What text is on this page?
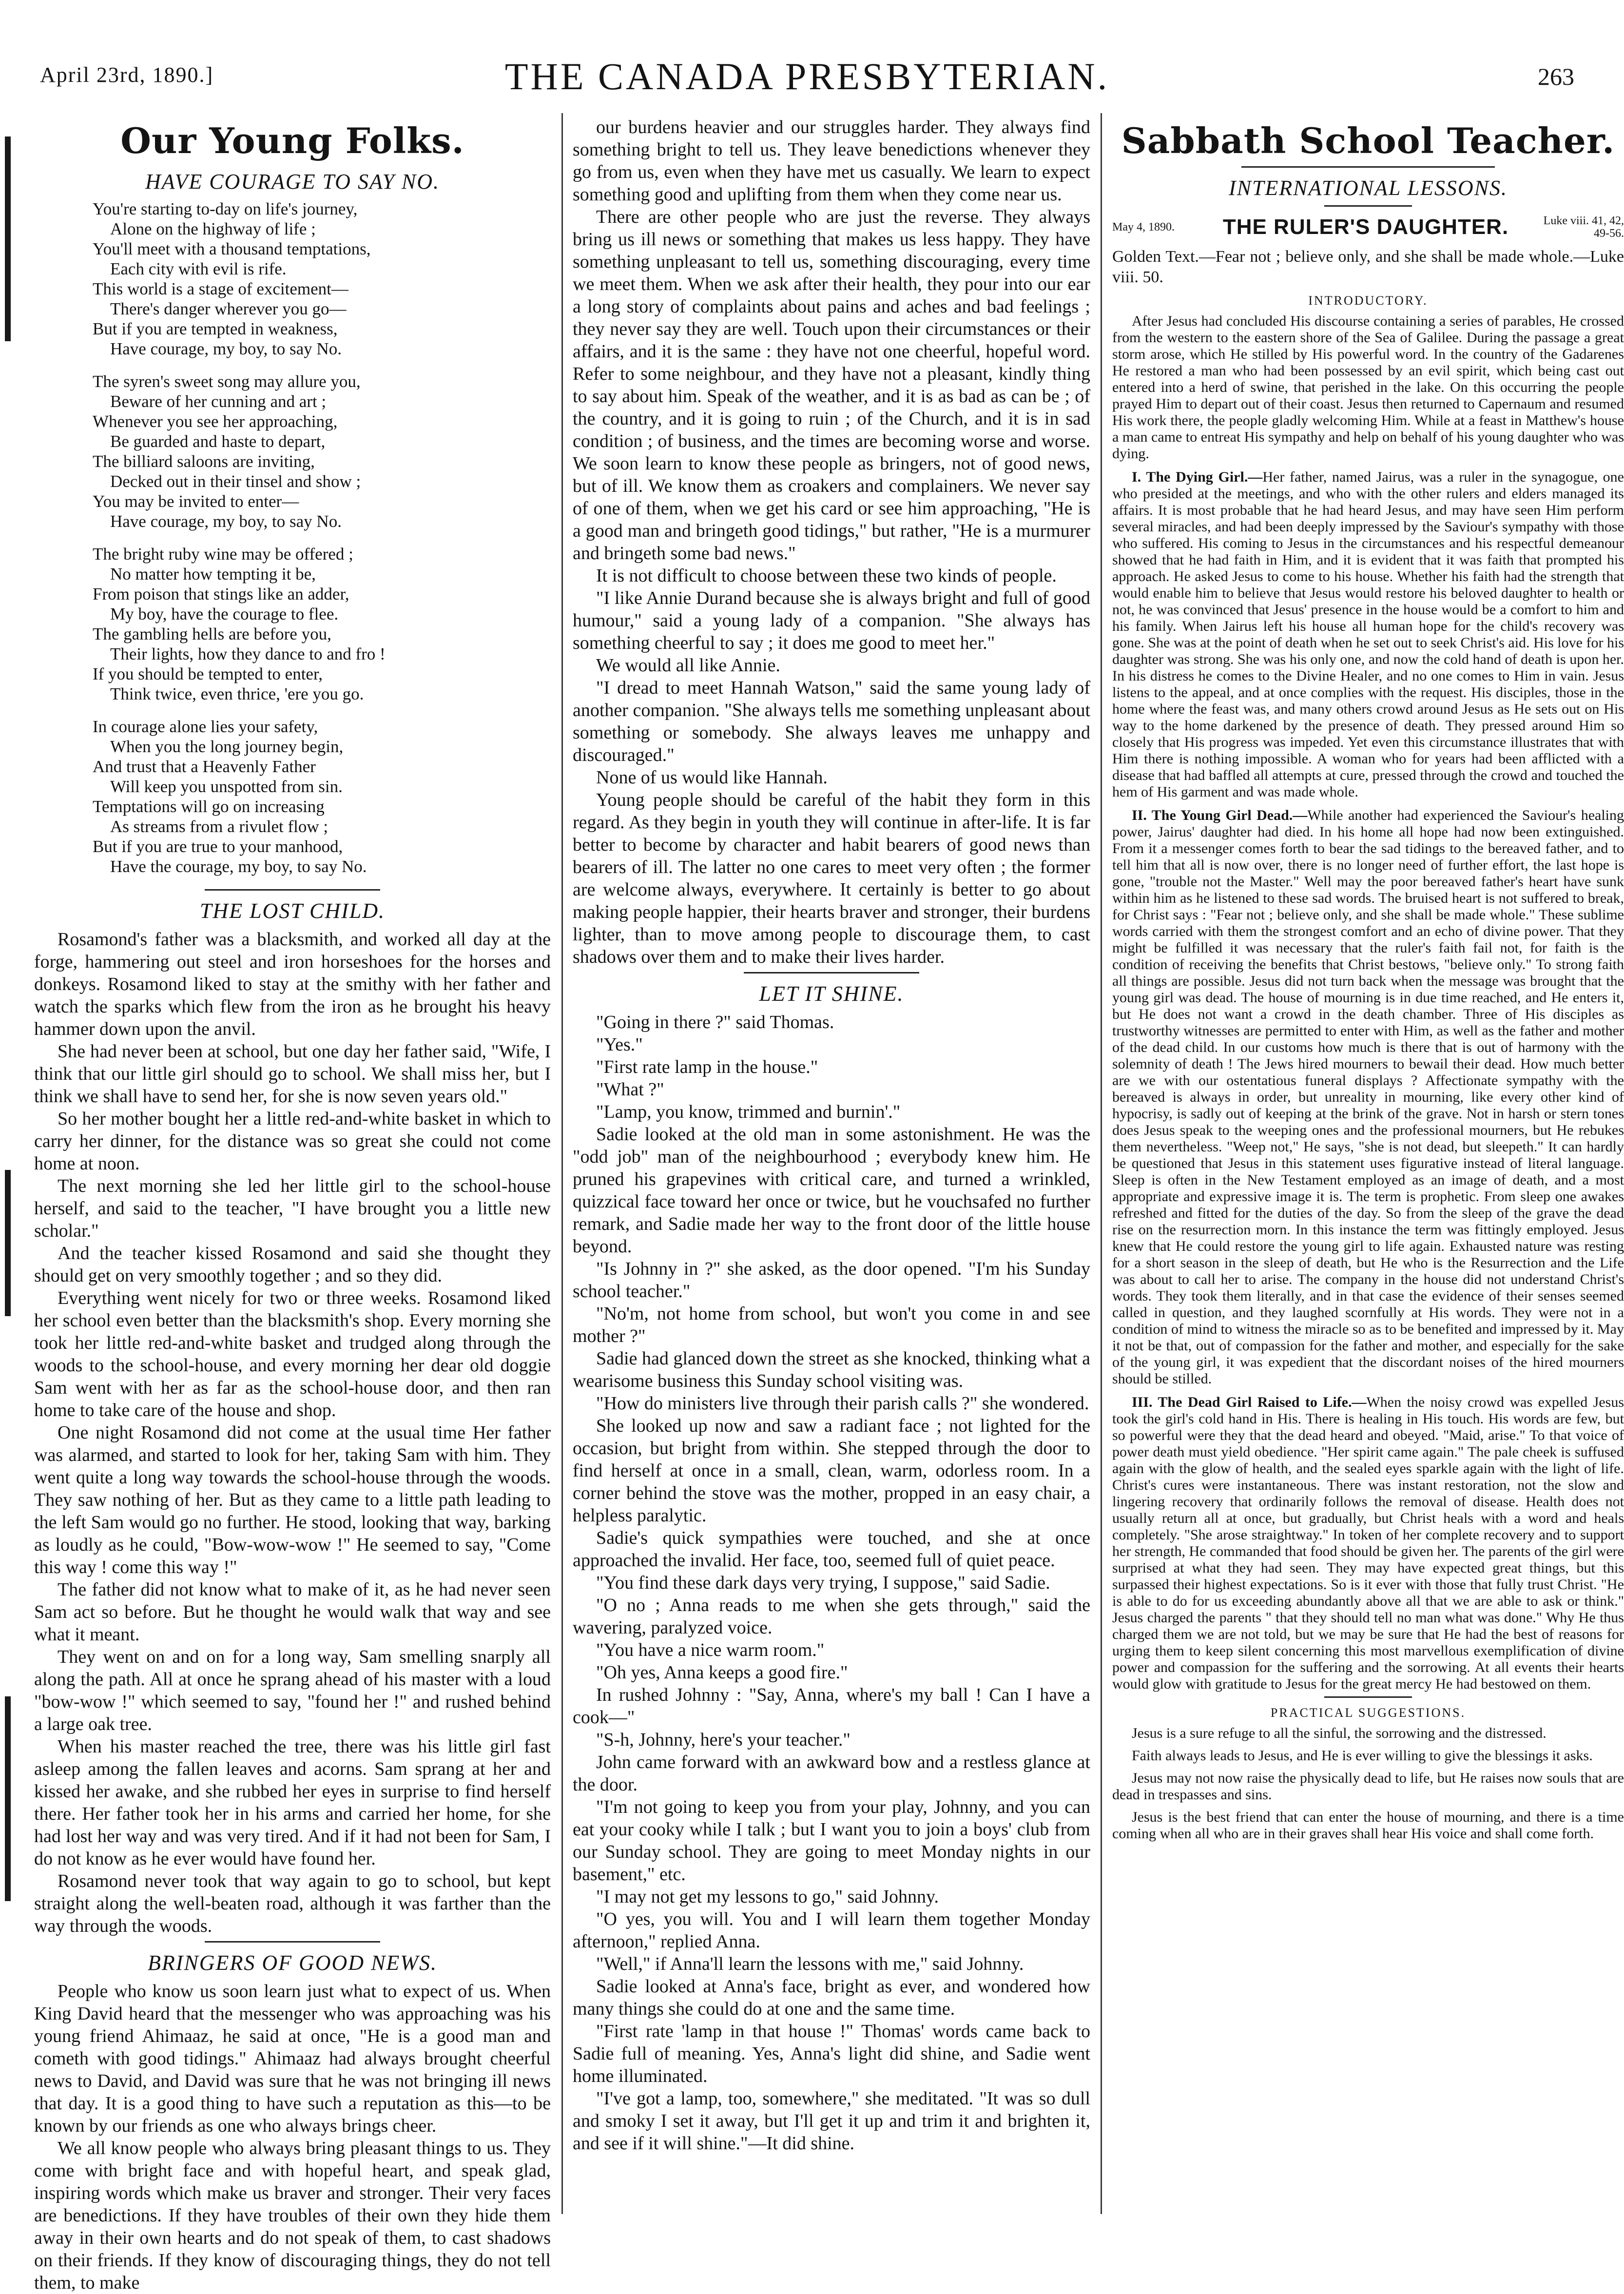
April 23rd, 1890.]	THE CANADA PRESBYTERIAN.	263
Our Young Folks.
HAVE COURAGE TO SAY NO.
You're starting to-day on life's journey,
Alone on the highway of life ;
You'll meet with a thousand temptations,
Each city with evil is rife.
This world is a stage of excitement—
There's danger wherever you go—
But if you are tempted in weakness,
Have courage, my boy, to say No.
The syren's sweet song may allure you,
Beware of her cunning and art ;
Whenever you see her approaching,
Be guarded and haste to depart,
The billiard saloons are inviting,
Decked out in their tinsel and show ;
You may be invited to enter—
Have courage, my boy, to say No.
The bright ruby wine may be offered ;
No matter how tempting it be,
From poison that stings like an adder,
My boy, have the courage to flee.
The gambling hells are before you,
Their lights, how they dance to and fro !
If you should be tempted to enter,
Think twice, even thrice, 'ere you go.
In courage alone lies your safety,
When you the long journey begin,
And trust that a Heavenly Father
Will keep you unspotted from sin.
Temptations will go on increasing
As streams from a rivulet flow ;
But if you are true to your manhood,
Have the courage, my boy, to say No.
THE LOST CHILD.

Rosamond's father was a blacksmith, and worked all day at the forge, hammering out steel and iron horseshoes for the horses and donkeys. Rosamond liked to stay at the smithy with her father and watch the sparks which flew from the iron as he brought his heavy hammer down upon the anvil.

She had never been at school, but one day her father said, "Wife, I think that our little girl should go to school. We shall miss her, but I think we shall have to send her, for she is now seven years old."

So her mother bought her a little red-and-white basket in which to carry her dinner, for the distance was so great she could not come home at noon.

The next morning she led her little girl to the school-house herself, and said to the teacher, "I have brought you a little new scholar."

And the teacher kissed Rosamond and said she thought they should get on very smoothly together ; and so they did.

Everything went nicely for two or three weeks. Rosamond liked her school even better than the blacksmith's shop. Every morning she took her little red-and-white basket and trudged along through the woods to the school-house, and every morning her dear old doggie Sam went with her as far as the school-house door, and then ran home to take care of the house and shop.

One night Rosamond did not come at the usual time Her father was alarmed, and started to look for her, taking Sam with him. They went quite a long way towards the school-house through the woods. They saw nothing of her. But as they came to a little path leading to the left Sam would go no further. He stood, looking that way, barking as loudly as he could, "Bow-wow-wow !" He seemed to say, "Come this way ! come this way !"

The father did not know what to make of it, as he had never seen Sam act so before. But he thought he would walk that way and see what it meant.

They went on and on for a long way, Sam smelling snarply all along the path. All at once he sprang ahead of his master with a loud "bow-wow !" which seemed to say, "found her !" and rushed behind a large oak tree.

When his master reached the tree, there was his little girl fast asleep among the fallen leaves and acorns. Sam sprang at her and kissed her awake, and she rubbed her eyes in surprise to find herself there. Her father took her in his arms and carried her home, for she had lost her way and was very tired. And if it had not been for Sam, I do not know as he ever would have found her.

Rosamond never took that way again to go to school, but kept straight along the well-beaten road, although it was farther than the way through the woods.

BRINGERS OF GOOD NEWS.

People who know us soon learn just what to expect of us. When King David heard that the messenger who was approaching was his young friend Ahimaaz, he said at once, "He is a good man and cometh with good tidings." Ahimaaz had always brought cheerful news to David, and David was sure that he was not bringing ill news that day. It is a good thing to have such a reputation as this—to be known by our friends as one who always brings cheer.

We all know people who always bring pleasant things to us. They come with bright face and with hopeful heart, and speak glad, inspiring words which make us braver and stronger. Their very faces are benedictions. If they have troubles of their own they hide them away in their own hearts and do not speak of them, to cast shadows on their friends. If they know of discouraging things, they do not tell them, to make

our burdens heavier and our struggles harder. They always find something bright to tell us. They leave benedictions whenever they go from us, even when they have met us casually. We learn to expect something good and uplifting from them when they come near us.

There are other people who are just the reverse. They always bring us ill news or something that makes us less happy. They have something unpleasant to tell us, something discouraging, every time we meet them. When we ask after their health, they pour into our ear a long story of complaints about pains and aches and bad feelings ; they never say they are well. Touch upon their circumstances or their affairs, and it is the same : they have not one cheerful, hopeful word. Refer to some neighbour, and they have not a pleasant, kindly thing to say about him. Speak of the weather, and it is as bad as can be ; of the country, and it is going to ruin ; of the Church, and it is in sad condition ; of business, and the times are becoming worse and worse. We soon learn to know these people as bringers, not of good news, but of ill. We know them as croakers and complainers. We never say of one of them, when we get his card or see him approaching, "He is a good man and bringeth good tidings," but rather, "He is a murmurer and bringeth some bad news."

It is not difficult to choose between these two kinds of people.

"I like Annie Durand because she is always bright and full of good humour," said a young lady of a companion. "She always has something cheerful to say ; it does me good to meet her."

We would all like Annie.

"I dread to meet Hannah Watson," said the same young lady of another companion. "She always tells me something unpleasant about something or somebody. She always leaves me unhappy and discouraged."

None of us would like Hannah.

Young people should be careful of the habit they form in this regard. As they begin in youth they will continue in after-life. It is far better to become by character and habit bearers of good news than bearers of ill. The latter no one cares to meet very often ; the former are welcome always, everywhere. It certainly is better to go about making people happier, their hearts braver and stronger, their burdens lighter, than to move among people to discourage them, to cast shadows over them and to make their lives harder.

LET IT SHINE.

"Going in there ?" said Thomas.

"Yes."

"First rate lamp in the house."

"What ?"

"Lamp, you know, trimmed and burnin'."

Sadie looked at the old man in some astonishment. He was the "odd job" man of the neighbourhood ; everybody knew him. He pruned his grapevines with critical care, and turned a wrinkled, quizzical face toward her once or twice, but he vouchsafed no further remark, and Sadie made her way to the front door of the little house beyond.

"Is Johnny in ?" she asked, as the door opened. "I'm his Sunday school teacher."

"No'm, not home from school, but won't you come in and see mother ?"

Sadie had glanced down the street as she knocked, thinking what a wearisome business this Sunday school visiting was.

"How do ministers live through their parish calls ?" she wondered.

She looked up now and saw a radiant face ; not lighted for the occasion, but bright from within. She stepped through the door to find herself at once in a small, clean, warm, odorless room. In a corner behind the stove was the mother, propped in an easy chair, a helpless paralytic.

Sadie's quick sympathies were touched, and she at once approached the invalid. Her face, too, seemed full of quiet peace.

"You find these dark days very trying, I suppose," said Sadie.

"O no ; Anna reads to me when she gets through," said the wavering, paralyzed voice.

"You have a nice warm room."

"Oh yes, Anna keeps a good fire."

In rushed Johnny : "Say, Anna, where's my ball ! Can I have a cook—"

"S-h, Johnny, here's your teacher."

John came forward with an awkward bow and a restless glance at the door.

"I'm not going to keep you from your play, Johnny, and you can eat your cooky while I talk ; but I want you to join a boys' club from our Sunday school. They are going to meet Monday nights in our basement," etc.

"I may not get my lessons to go," said Johnny.

"O yes, you will. You and I will learn them together Monday afternoon," replied Anna.

"Well," if Anna'll learn the lessons with me," said Johnny.

Sadie looked at Anna's face, bright as ever, and wondered how many things she could do at one and the same time.

"First rate 'lamp in that house !" Thomas' words came back to Sadie full of meaning. Yes, Anna's light did shine, and Sadie went home illuminated.

"I've got a lamp, too, somewhere," she meditated. "It was so dull and smoky I set it away, but I'll get it up and trim it and brighten it, and see if it will shine."—It did shine.

Sabbath School Teacher.
INTERNATIONAL LESSONS.
May 4, 1890.	THE RULER'S DAUGHTER.	Luke viii. 41, 42, 49-56.
Golden Text.—Fear not ; believe only, and she shall be made whole.—Luke viii. 50.
INTRODUCTORY.

After Jesus had concluded His discourse containing a series of parables, He crossed from the western to the eastern shore of the Sea of Galilee. During the passage a great storm arose, which He stilled by His powerful word. In the country of the Gadarenes He restored a man who had been possessed by an evil spirit, which being cast out entered into a herd of swine, that perished in the lake. On this occurring the people prayed Him to depart out of their coast. Jesus then returned to Capernaum and resumed His work there, the people gladly welcoming Him. While at a feast in Matthew's house a man came to entreat His sympathy and help on behalf of his young daughter who was dying.

I. The Dying Girl.—Her father, named Jairus, was a ruler in the synagogue, one who presided at the meetings, and who with the other rulers and elders managed its affairs. It is most probable that he had heard Jesus, and may have seen Him perform several miracles, and had been deeply impressed by the Saviour's sympathy with those who suffered. His coming to Jesus in the circumstances and his respectful demeanour showed that he had faith in Him, and it is evident that it was faith that prompted his approach. He asked Jesus to come to his house. Whether his faith had the strength that would enable him to believe that Jesus would restore his beloved daughter to health or not, he was convinced that Jesus' presence in the house would be a comfort to him and his family. When Jairus left his house all human hope for the child's recovery was gone. She was at the point of death when he set out to seek Christ's aid. His love for his daughter was strong. She was his only one, and now the cold hand of death is upon her. In his distress he comes to the Divine Healer, and no one comes to Him in vain. Jesus listens to the appeal, and at once complies with the request. His disciples, those in the home where the feast was, and many others crowd around Jesus as He sets out on His way to the home darkened by the presence of death. They pressed around Him so closely that His progress was impeded. Yet even this circumstance illustrates that with Him there is nothing impossible. A woman who for years had been afflicted with a disease that had baffled all attempts at cure, pressed through the crowd and touched the hem of His garment and was made whole.

II. The Young Girl Dead.—While another had experienced the Saviour's healing power, Jairus' daughter had died. In his home all hope had now been extinguished. From it a messenger comes forth to bear the sad tidings to the bereaved father, and to tell him that all is now over, there is no longer need of further effort, the last hope is gone, "trouble not the Master." Well may the poor bereaved father's heart have sunk within him as he listened to these sad words. The bruised heart is not suffered to break, for Christ says : "Fear not ; believe only, and she shall be made whole." These sublime words carried with them the strongest comfort and an echo of divine power. That they might be fulfilled it was necessary that the ruler's faith fail not, for faith is the condition of receiving the benefits that Christ bestows, "believe only." To strong faith all things are possible. Jesus did not turn back when the message was brought that the young girl was dead. The house of mourning is in due time reached, and He enters it, but He does not want a crowd in the death chamber. Three of His disciples as trustworthy witnesses are permitted to enter with Him, as well as the father and mother of the dead child. In our customs how much is there that is out of harmony with the solemnity of death ! The Jews hired mourners to bewail their dead. How much better are we with our ostentatious funeral displays ? Affectionate sympathy with the bereaved is always in order, but unreality in mourning, like every other kind of hypocrisy, is sadly out of keeping at the brink of the grave. Not in harsh or stern tones does Jesus speak to the weeping ones and the professional mourners, but He rebukes them nevertheless. "Weep not," He says, "she is not dead, but sleepeth." It can hardly be questioned that Jesus in this statement uses figurative instead of literal language. Sleep is often in the New Testament employed as an image of death, and a most appropriate and expressive image it is. The term is prophetic. From sleep one awakes refreshed and fitted for the duties of the day. So from the sleep of the grave the dead rise on the resurrection morn. In this instance the term was fittingly employed. Jesus knew that He could restore the young girl to life again. Exhausted nature was resting for a short season in the sleep of death, but He who is the Resurrection and the Life was about to call her to arise. The company in the house did not understand Christ's words. They took them literally, and in that case the evidence of their senses seemed called in question, and they laughed scornfully at His words. They were not in a condition of mind to witness the miracle so as to be benefited and impressed by it. May it not be that, out of compassion for the father and mother, and especially for the sake of the young girl, it was expedient that the discordant noises of the hired mourners should be stilled.

III. The Dead Girl Raised to Life.—When the noisy crowd was expelled Jesus took the girl's cold hand in His. There is healing in His touch. His words are few, but so powerful were they that the dead heard and obeyed. "Maid, arise." To that voice of power death must yield obedience. "Her spirit came again." The pale cheek is suffused again with the glow of health, and the sealed eyes sparkle again with the light of life. Christ's cures were instantaneous. There was instant restoration, not the slow and lingering recovery that ordinarily follows the removal of disease. Health does not usually return all at once, but gradually, but Christ heals with a word and heals completely. "She arose straightway." In token of her complete recovery and to support her strength, He commanded that food should be given her. The parents of the girl were surprised at what they had seen. They may have expected great things, but this surpassed their highest expectations. So is it ever with those that fully trust Christ. "He is able to do for us exceeding abundantly above all that we are able to ask or think." Jesus charged the parents " that they should tell no man what was done." Why He thus charged them we are not told, but we may be sure that He had the best of reasons for urging them to keep silent concerning this most marvellous exemplification of divine power and compassion for the suffering and the sorrowing. At all events their hearts would glow with gratitude to Jesus for the great mercy He had bestowed on them.

PRACTICAL SUGGESTIONS.

Jesus is a sure refuge to all the sinful, the sorrowing and the distressed.

Faith always leads to Jesus, and He is ever willing to give the blessings it asks.

Jesus may not now raise the physically dead to life, but He raises now souls that are dead in trespasses and sins.

Jesus is the best friend that can enter the house of mourning, and there is a time coming when all who are in their graves shall hear His voice and shall come forth.
